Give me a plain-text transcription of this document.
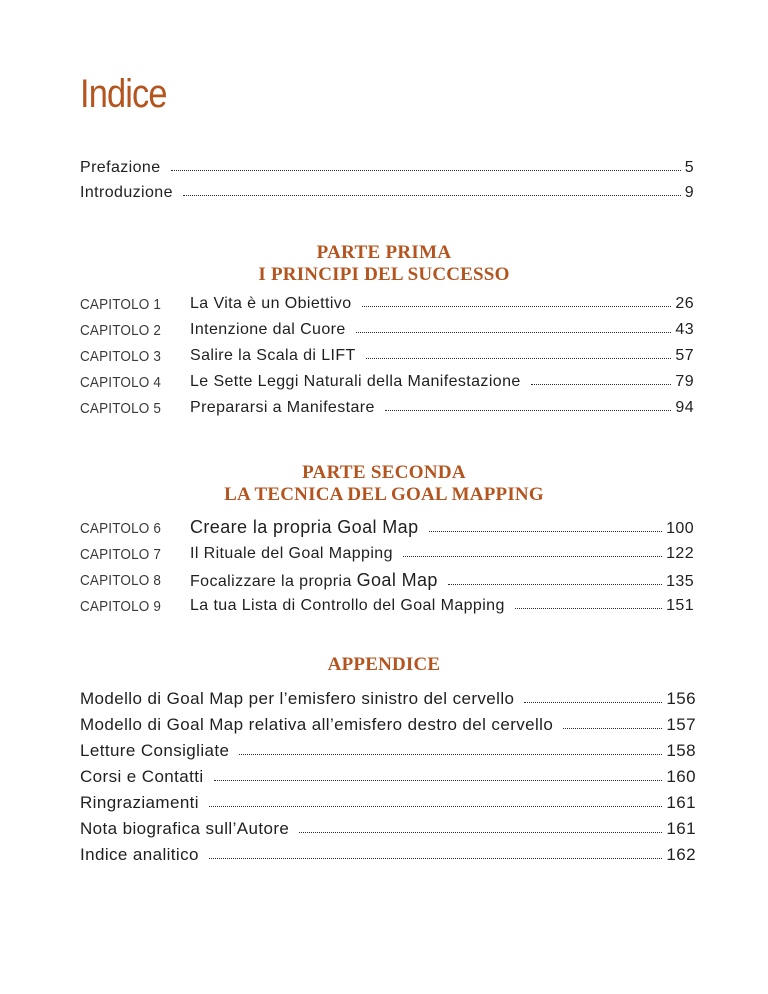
Indice
Prefazione	5
Introduzione	9
PARTE PRIMA
I PRINCIPI DEL SUCCESSO
CAPITOLO 1 La Vita è un Obiettivo	26
CAPITOLO 2 Intenzione dal Cuore	43
CAPITOLO 3 Salire la Scala di LIFT	57
CAPITOLO 4 Le Sette Leggi Naturali della Manifestazione	79
CAPITOLO 5 Prepararsi a Manifestare	94
PARTE SECONDA
LA TECNICA DEL GOAL MAPPING
CAPITOLO 6 Creare la propria Goal Map	100
CAPITOLO 7 Il Rituale del Goal Mapping	122
CAPITOLO 8 Focalizzare la propria Goal Map	135
CAPITOLO 9 La tua Lista di Controllo del Goal Mapping	151
APPENDICE
Modello di Goal Map per l’emisfero sinistro del cervello	156
Modello di Goal Map relativa all’emisfero destro del cervello	157
Letture Consigliate	158
Corsi e Contatti	160
Ringraziamenti	161
Nota biografica sull’Autore	161
Indice analitico	162
